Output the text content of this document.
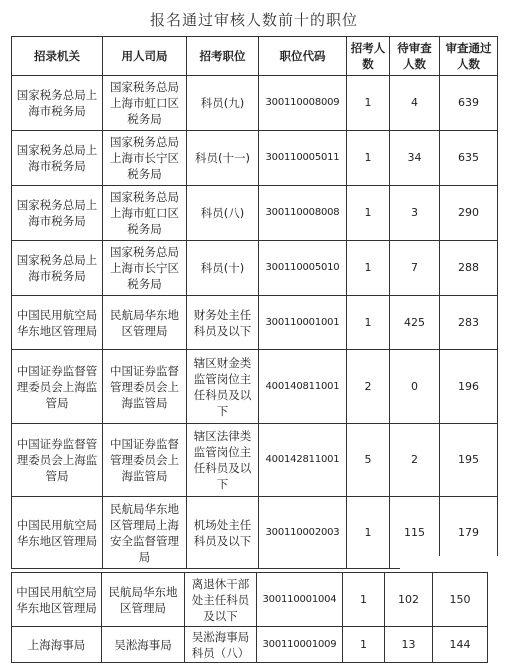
报名通过审核人数前十的职位
招录机关	用人司局	招考职位	职位代码	招考人数	待审查人数	审查通过人数
国家税务总局上海市税务局	国家税务总局上海市虹口区税务局	科员(九)	300110008009	1	4	639
国家税务总局上海市税务局	国家税务总局上海市长宁区税务局	科员(十一)	300110005011	1	34	635
国家税务总局上海市税务局	国家税务总局上海市虹口区税务局	科员(八)	300110008008	1	3	290
国家税务总局上海市税务局	国家税务总局上海市长宁区税务局	科员(十)	300110005010	1	7	288
中国民用航空局华东地区管理局	民航局华东地区管理局	财务处主任科员及以下	300110001001	1	425	283
中国证券监督管理委员会上海监管局	中国证券监督管理委员会上海监管局	辖区财金类监管岗位主任科员及以下	400140811001	2	0	196
中国证券监督管理委员会上海监管局	中国证券监督管理委员会上海监管局	辖区法律类监管岗位主任科员及以下	400142811001	5	2	195
中国民用航空局华东地区管理局	民航局华东地区管理局上海安全监督管理局	机场处主任科员及以下	300110002003	1	115	179
中国民用航空局华东地区管理局	民航局华东地区管理局	离退休干部处主任科员及以下	300110001004	1	102	150
上海海事局	吴淞海事局	吴淞海事局科员（八）	300110001009	1	13	144
